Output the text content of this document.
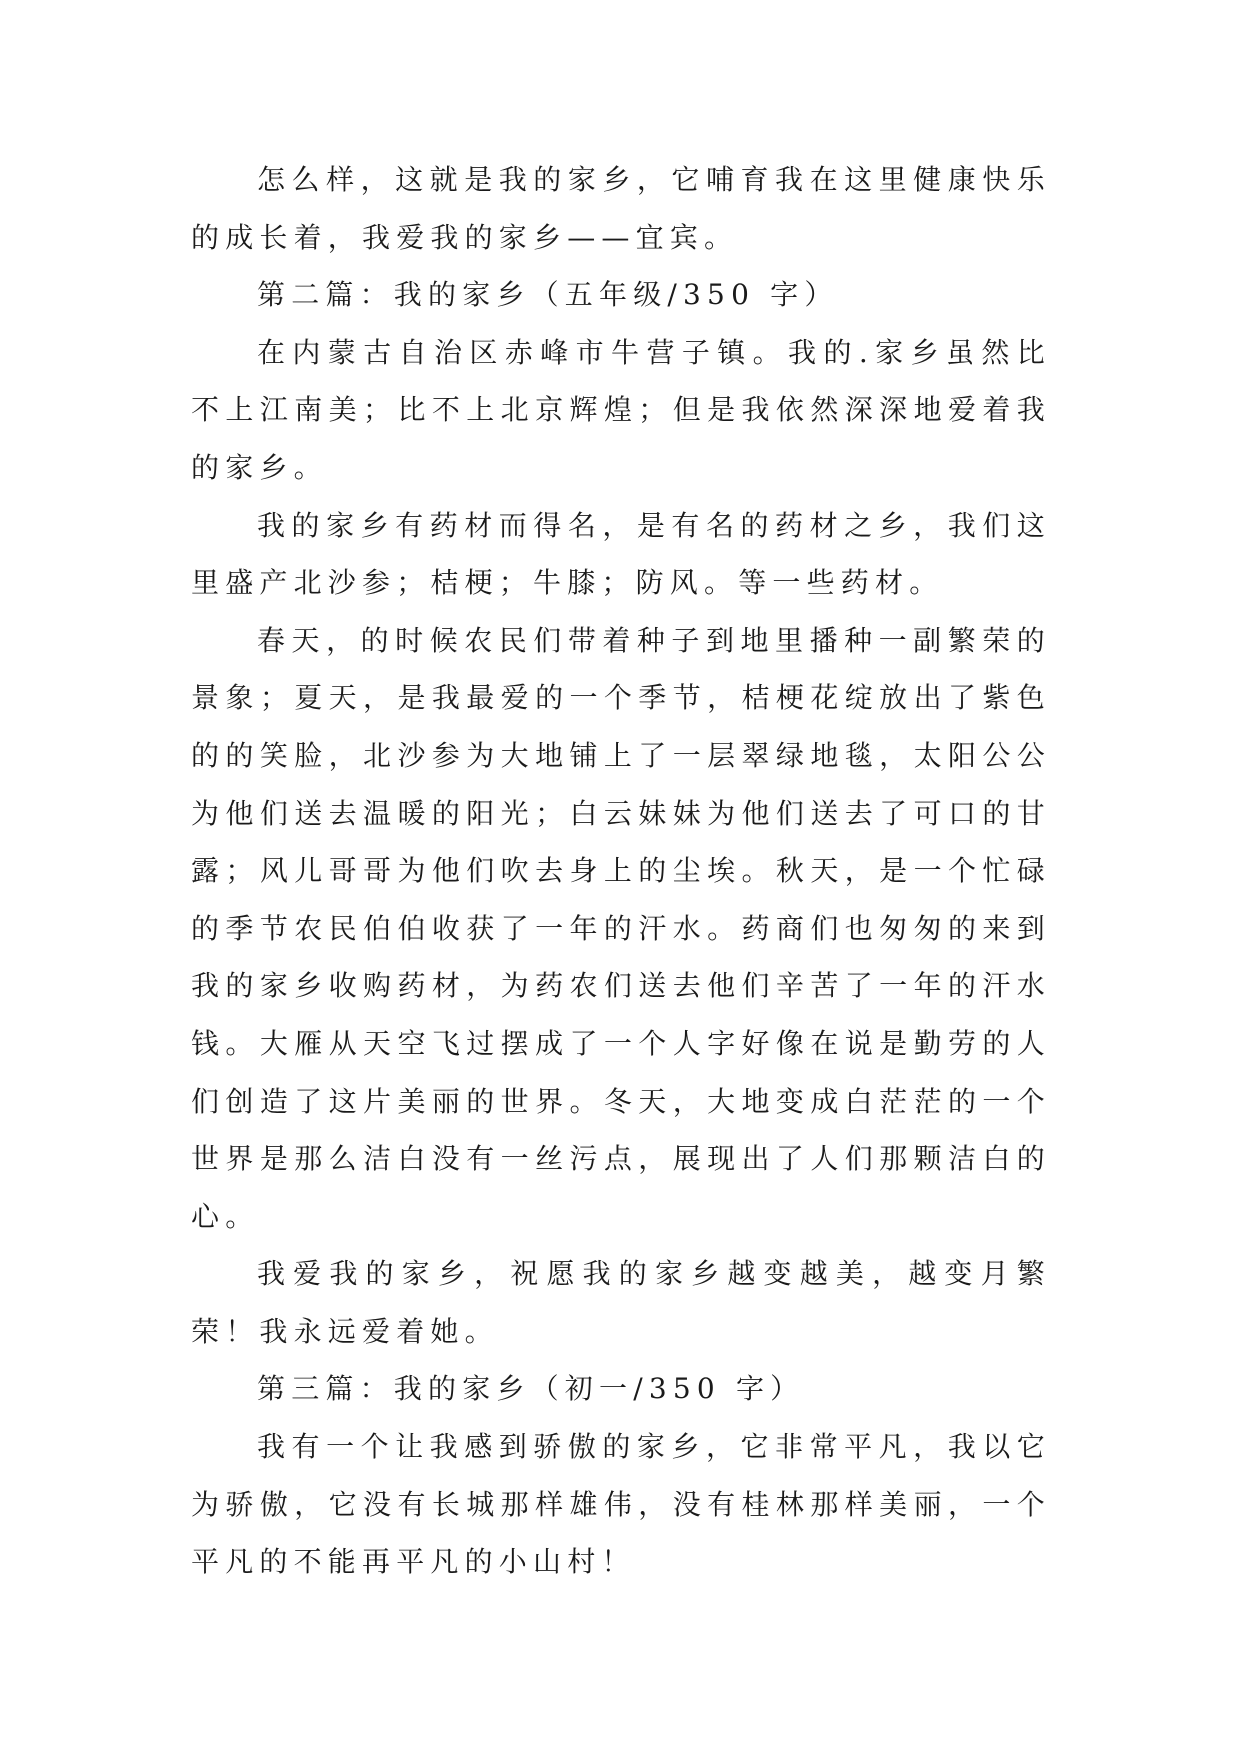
怎么样，这就是我的家乡，它哺育我在这里健康快乐的成长着，我爱我的家乡——宜宾。

第二篇：我的家乡（五年级/350 字）

在内蒙古自治区赤峰市牛营子镇。我的.家乡虽然比不上江南美；比不上北京辉煌；但是我依然深深地爱着我的家乡。

我的家乡有药材而得名，是有名的药材之乡，我们这里盛产北沙参；桔梗；牛膝；防风。等一些药材。

春天，的时候农民们带着种子到地里播种一副繁荣的景象；夏天，是我最爱的一个季节，桔梗花绽放出了紫色的的笑脸，北沙参为大地铺上了一层翠绿地毯，太阳公公为他们送去温暖的阳光；白云妹妹为他们送去了可口的甘露；风儿哥哥为他们吹去身上的尘埃。秋天，是一个忙碌的季节农民伯伯收获了一年的汗水。药商们也匆匆的来到我的家乡收购药材，为药农们送去他们辛苦了一年的汗水钱。大雁从天空飞过摆成了一个人字好像在说是勤劳的人们创造了这片美丽的世界。冬天，大地变成白茫茫的一个世界是那么洁白没有一丝污点，展现出了人们那颗洁白的心。

我爱我的家乡，祝愿我的家乡越变越美，越变月繁荣！我永远爱着她。

第三篇：我的家乡（初一/350 字）

我有一个让我感到骄傲的家乡，它非常平凡，我以它为骄傲，它没有长城那样雄伟，没有桂林那样美丽，一个平凡的不能再平凡的小山村！
